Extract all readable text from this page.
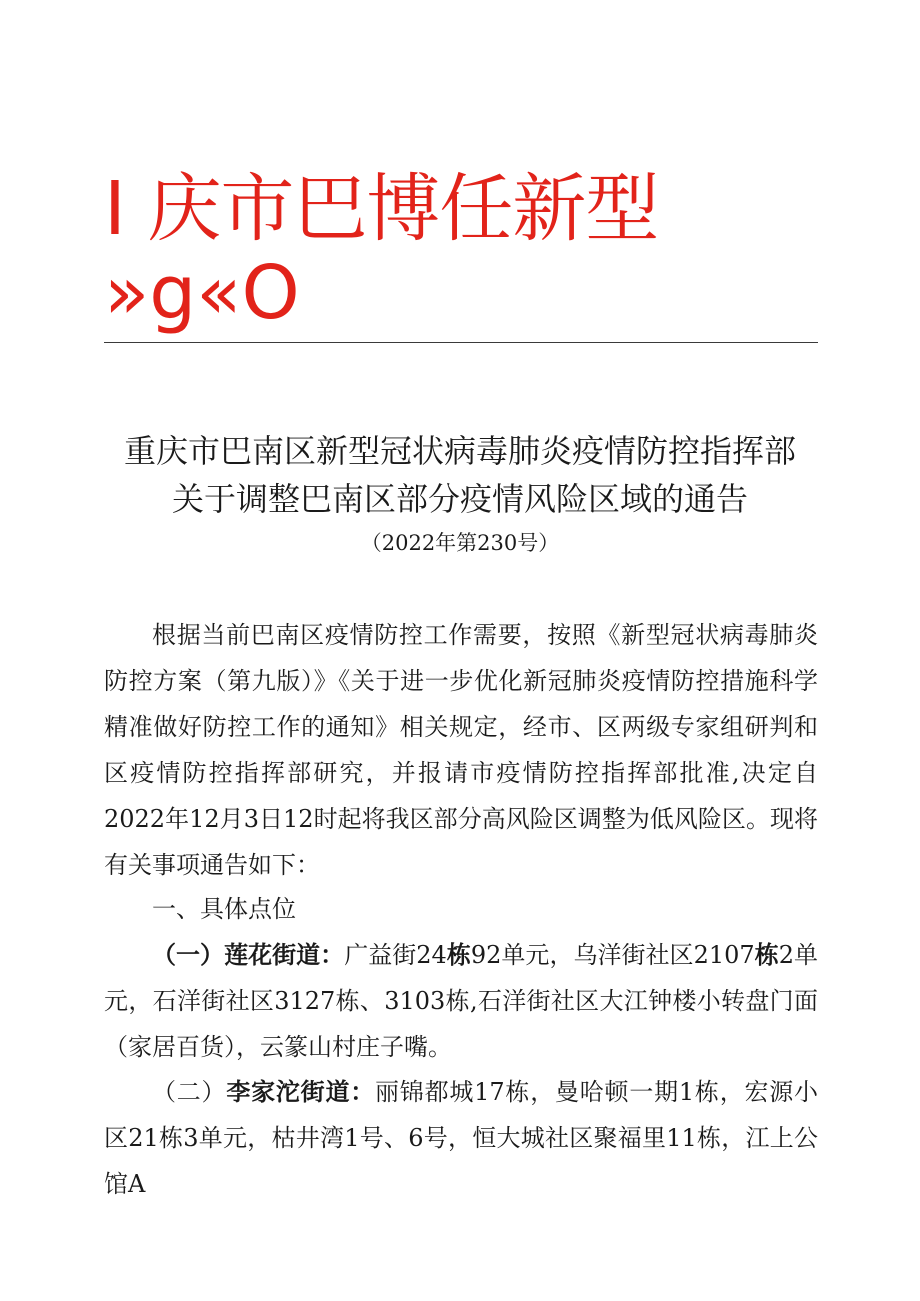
I 庆市巴博任新型
»g«O
重庆市巴南区新型冠状病毒肺炎疫情防控指挥部
关于调整巴南区部分疫情风险区域的通告
（2022年第230号）

根据当前巴南区疫情防控工作需要，按照《新型冠状病毒肺炎防控方案（第九版）》《关于进一步优化新冠肺炎疫情防控措施科学精准做好防控工作的通知》相关规定，经市、区两级专家组研判和区疫情防控指挥部研究，并报请市疫情防控指挥部批准,决定自2022年12月3日12时起将我区部分高风险区调整为低风险区。现将有关事项通告如下：

一、具体点位

（一）莲花街道：广益街24栋92单元，乌洋街社区2107栋2单元，石洋街社区3127栋、3103栋,石洋街社区大江钟楼小转盘门面（家居百货），云篆山村庄子嘴。

（二）李家沱街道：丽锦都城17栋，曼哈顿一期1栋，宏源小区21栋3单元，枯井湾1号、6号，恒大城社区聚福里11栋，江上公馆A
